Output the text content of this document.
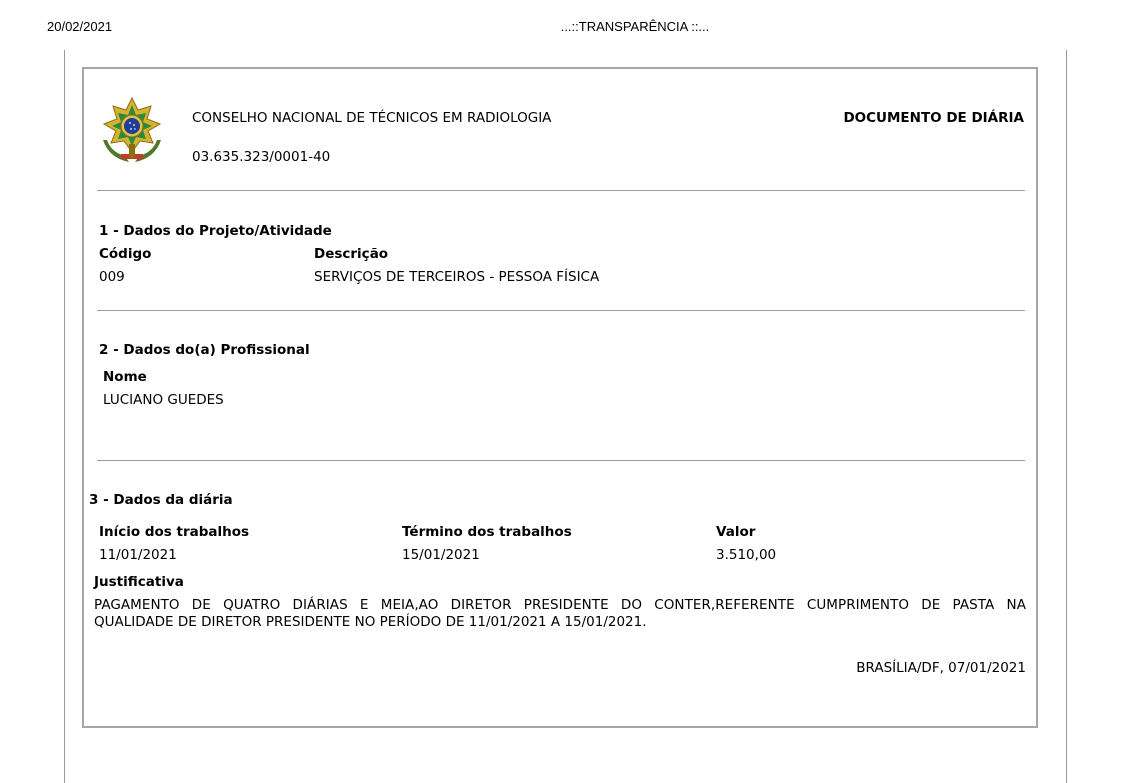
20/02/2021	...::TRANSPARÊNCIA ::...
CONSELHO NACIONAL DE TÉCNICOS EM RADIOLOGIA
03.635.323/0001-40
DOCUMENTO DE DIÁRIA
1 - Dados do Projeto/Atividade
Código	Descrição
009	SERVIÇOS DE TERCEIROS - PESSOA FÍSICA
2 - Dados do(a) Profissional
Nome
LUCIANO GUEDES
3 - Dados da diária
Início dos trabalhos	Término dos trabalhos	Valor
11/01/2021	15/01/2021	3.510,00
Justificativa
PAGAMENTO DE QUATRO DIÁRIAS E MEIA,AO DIRETOR PRESIDENTE DO CONTER,REFERENTE CUMPRIMENTO DE PASTA NA
QUALIDADE DE DIRETOR PRESIDENTE NO PERÍODO DE 11/01/2021 A 15/01/2021.
BRASÍLIA/DF, 07/01/2021
